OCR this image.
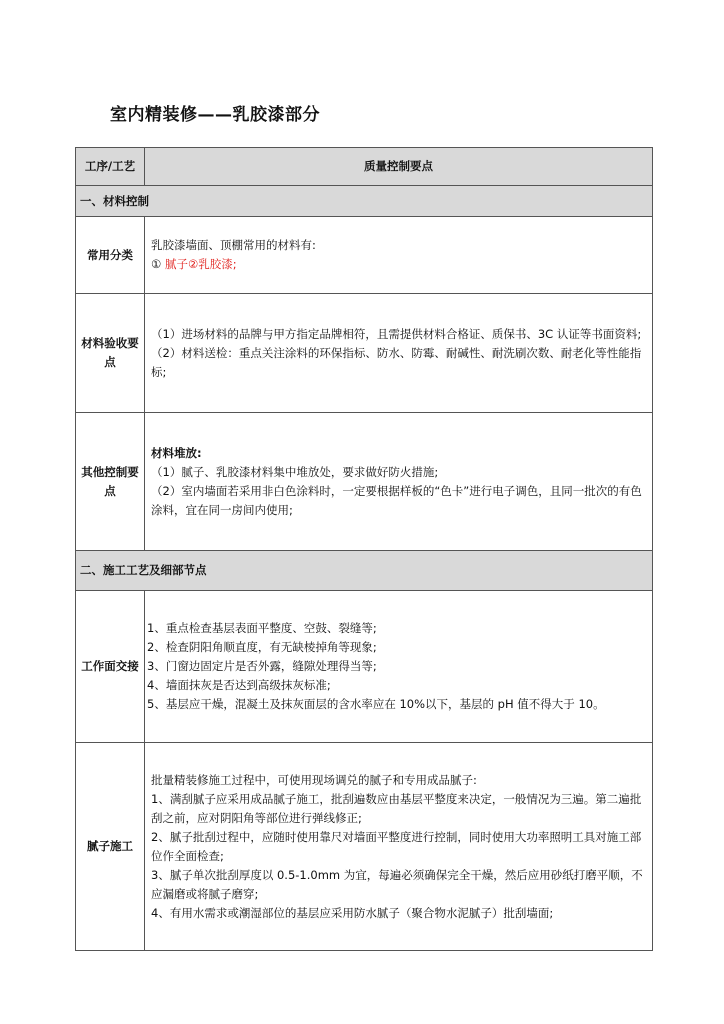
室内精装修——乳胶漆部分
工序/工艺	质量控制要点
一、材料控制	
常用分类	乳胶漆墙面、顶棚常用的材料有:
① 腻子②乳胶漆;

材料验收要点	（1）进场材料的品牌与甲方指定品牌相符，且需提供材料合格证、质保书、3C 认证等书面资料;
（2）材料送检：重点关注涂料的环保指标、防水、防霉、耐碱性、耐洗刷次数、耐老化等性能指标;

其他控制要点	材料堆放:
（1）腻子、乳胶漆材料集中堆放处，要求做好防火措施;
（2）室内墙面若采用非白色涂料时，一定要根据样板的“色卡”进行电子调色，且同一批次的有色涂料，宜在同一房间内使用;

二、施工工艺及细部节点	
工作面交接	1、重点检查基层表面平整度、空鼓、裂缝等;
2、检查阴阳角顺直度，有无缺棱掉角等现象;
3、门窗边固定片是否外露，缝隙处理得当等;
4、墙面抹灰是否达到高级抹灰标准;
5、基层应干燥，混凝土及抹灰面层的含水率应在 10%以下，基层的 pH 值不得大于 10。

腻子施工	批量精装修施工过程中，可使用现场调兑的腻子和专用成品腻子:
1、满刮腻子应采用成品腻子施工，批刮遍数应由基层平整度来决定，一般情况为三遍。第二遍批刮之前，应对阴阳角等部位进行弹线修正;
2、腻子批刮过程中，应随时使用靠尺对墙面平整度进行控制，同时使用大功率照明工具对施工部位作全面检查;
3、腻子单次批刮厚度以 0.5-1.0mm 为宜，每遍必须确保完全干燥，然后应用砂纸打磨平顺，不应漏磨或将腻子磨穿;
4、有用水需求或潮湿部位的基层应采用防水腻子（聚合物水泥腻子）批刮墙面;
